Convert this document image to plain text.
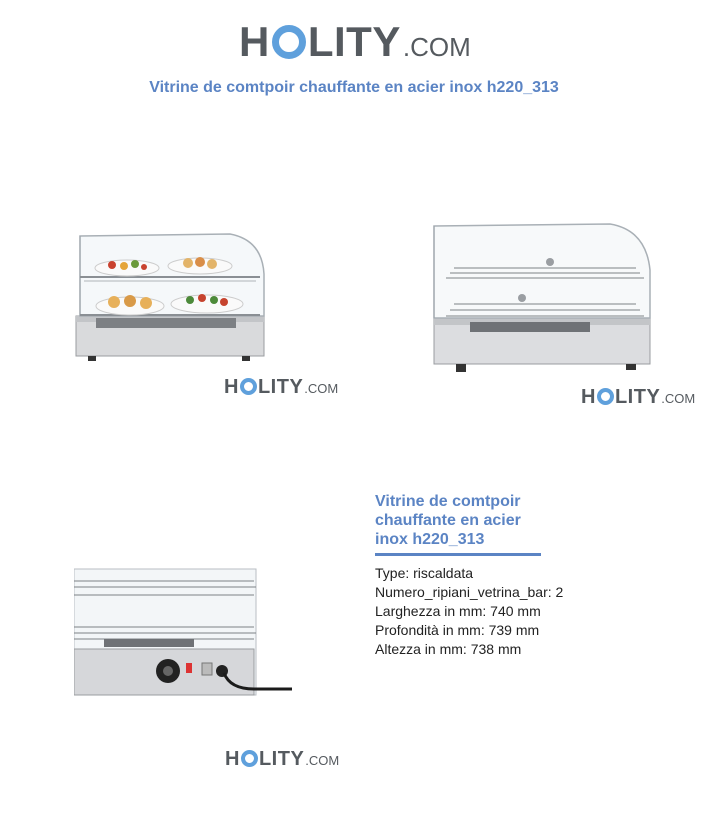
H LITY .COM
Vitrine de comtpoir chauffante en acier inox h220_313
H LITY .COM	H LITY .COM
H LITY .COM
Vitrine de comtpoir
chauffante en acier
inox h220_313
Type: riscaldata
Numero_ripiani_vetrina_bar: 2
Larghezza in mm: 740 mm
Profondità in mm: 739 mm
Altezza in mm: 738 mm
